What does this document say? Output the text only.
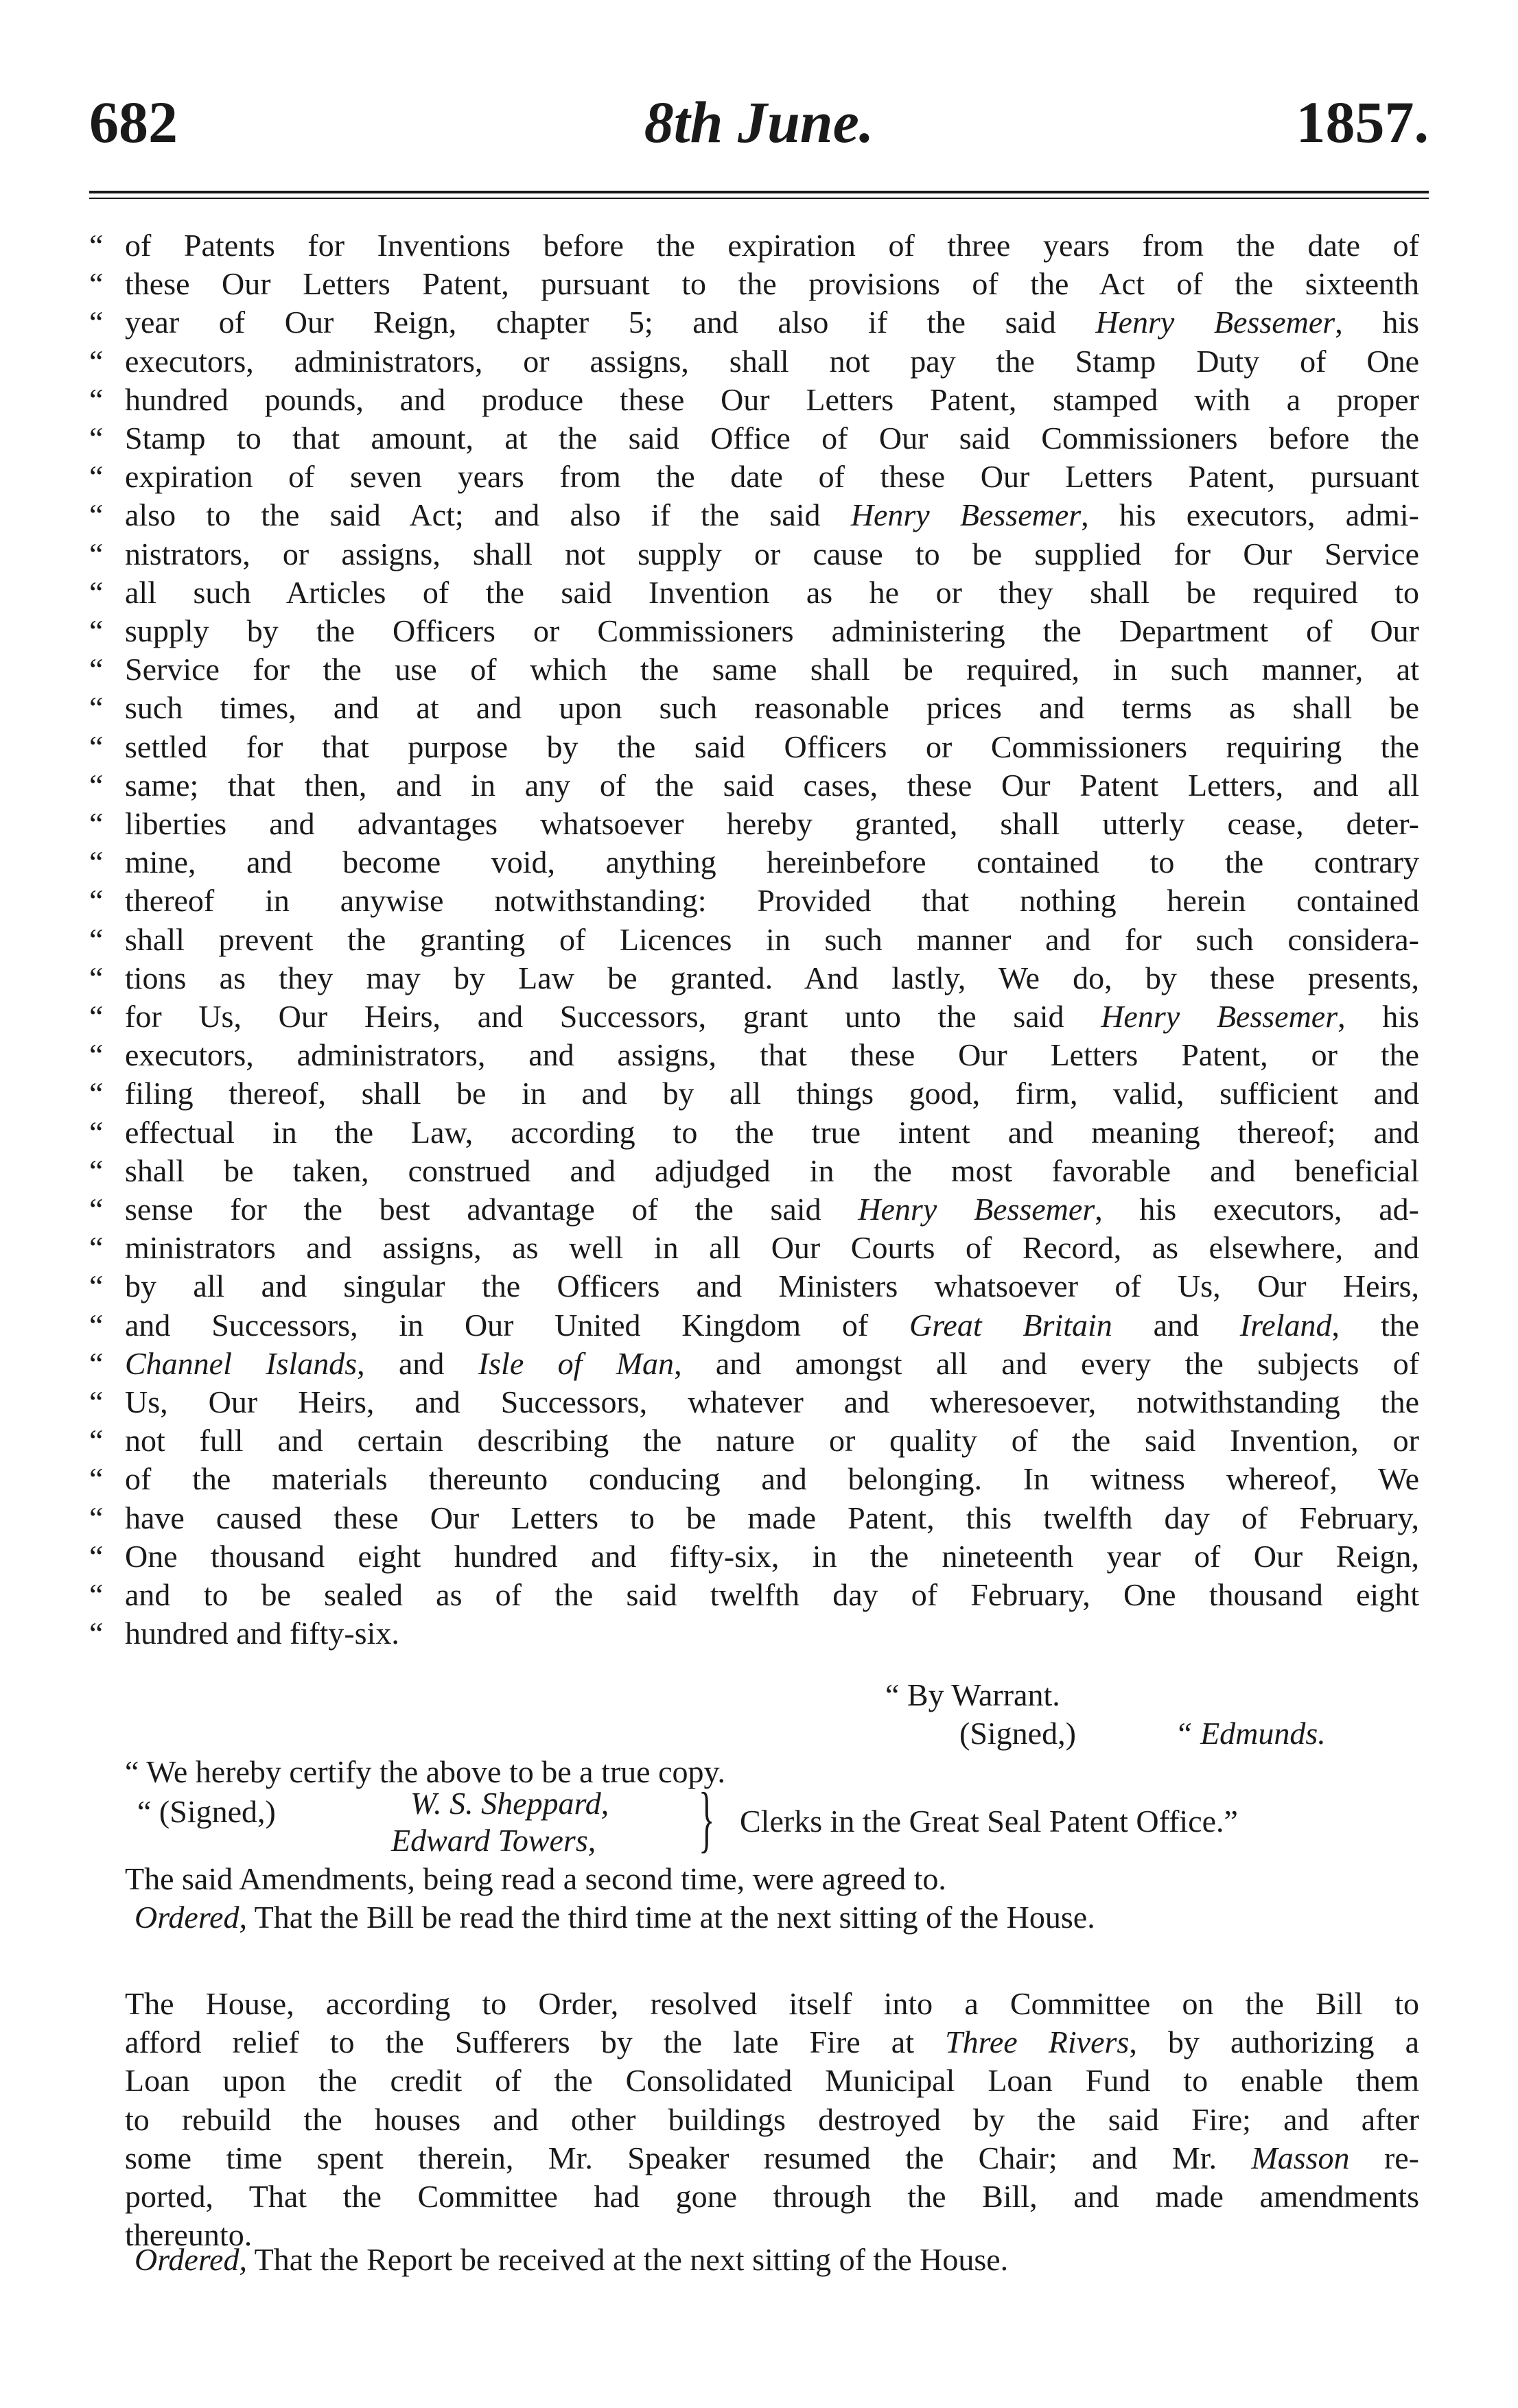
682	8th June.	1857.
“ of Patents for Inventions before the expiration of three years from the date of
“ these Our Letters Patent, pursuant to the provisions of the Act of the sixteenth
“ year of Our Reign, chapter 5; and also if the said Henry Bessemer, his
“ executors, administrators, or assigns, shall not pay the Stamp Duty of One
“ hundred pounds, and produce these Our Letters Patent, stamped with a proper
“ Stamp to that amount, at the said Office of Our said Commissioners before the
“ expiration of seven years from the date of these Our Letters Patent, pursuant
“ also to the said Act; and also if the said Henry Bessemer, his executors, admi-
“ nistrators, or assigns, shall not supply or cause to be supplied for Our Service
“ all such Articles of the said Invention as he or they shall be required to
“ supply by the Officers or Commissioners administering the Department of Our
“ Service for the use of which the same shall be required, in such manner, at
“ such times, and at and upon such reasonable prices and terms as shall be
“ settled for that purpose by the said Officers or Commissioners requiring the
“ same; that then, and in any of the said cases, these Our Patent Letters, and all
“ liberties and advantages whatsoever hereby granted, shall utterly cease, deter-
“ mine, and become void, anything hereinbefore contained to the contrary
“ thereof in anywise notwithstanding: Provided that nothing herein contained
“ shall prevent the granting of Licences in such manner and for such considera-
“ tions as they may by Law be granted. And lastly, We do, by these presents,
“ for Us, Our Heirs, and Successors, grant unto the said Henry Bessemer, his
“ executors, administrators, and assigns, that these Our Letters Patent, or the
“ filing thereof, shall be in and by all things good, firm, valid, sufficient and
“ effectual in the Law, according to the true intent and meaning thereof; and
“ shall be taken, construed and adjudged in the most favorable and beneficial
“ sense for the best advantage of the said Henry Bessemer, his executors, ad-
“ ministrators and assigns, as well in all Our Courts of Record, as elsewhere, and
“ by all and singular the Officers and Ministers whatsoever of Us, Our Heirs,
“ and Successors, in Our United Kingdom of Great Britain and Ireland, the
“ Channel Islands, and Isle of Man, and amongst all and every the subjects of
“ Us, Our Heirs, and Successors, whatever and wheresoever, notwithstanding the
“ not full and certain describing the nature or quality of the said Invention, or
“ of the materials thereunto conducing and belonging. In witness whereof, We
“ have caused these Our Letters to be made Patent, this twelfth day of February,
“ One thousand eight hundred and fifty-six, in the nineteenth year of Our Reign,
“ and to be sealed as of the said twelfth day of February, One thousand eight
“ hundred and fifty-six.
“ By Warrant.
(Signed,)	“ Edmunds.
“ We hereby certify the above to be a true copy.
“ (Signed,)	W. S. Sheppard,
Edward Towers, } Clerks in the Great Seal Patent Office.”
The said Amendments, being read a second time, were agreed to.
Ordered, That the Bill be read the third time at the next sitting of the House.
The House, according to Order, resolved itself into a Committee on the Bill to
afford relief to the Sufferers by the late Fire at Three Rivers, by authorizing a
Loan upon the credit of the Consolidated Municipal Loan Fund to enable them
to rebuild the houses and other buildings destroyed by the said Fire; and after
some time spent therein, Mr. Speaker resumed the Chair; and Mr. Masson re-
ported, That the Committee had gone through the Bill, and made amendments
thereunto.
Ordered, That the Report be received at the next sitting of the House.
